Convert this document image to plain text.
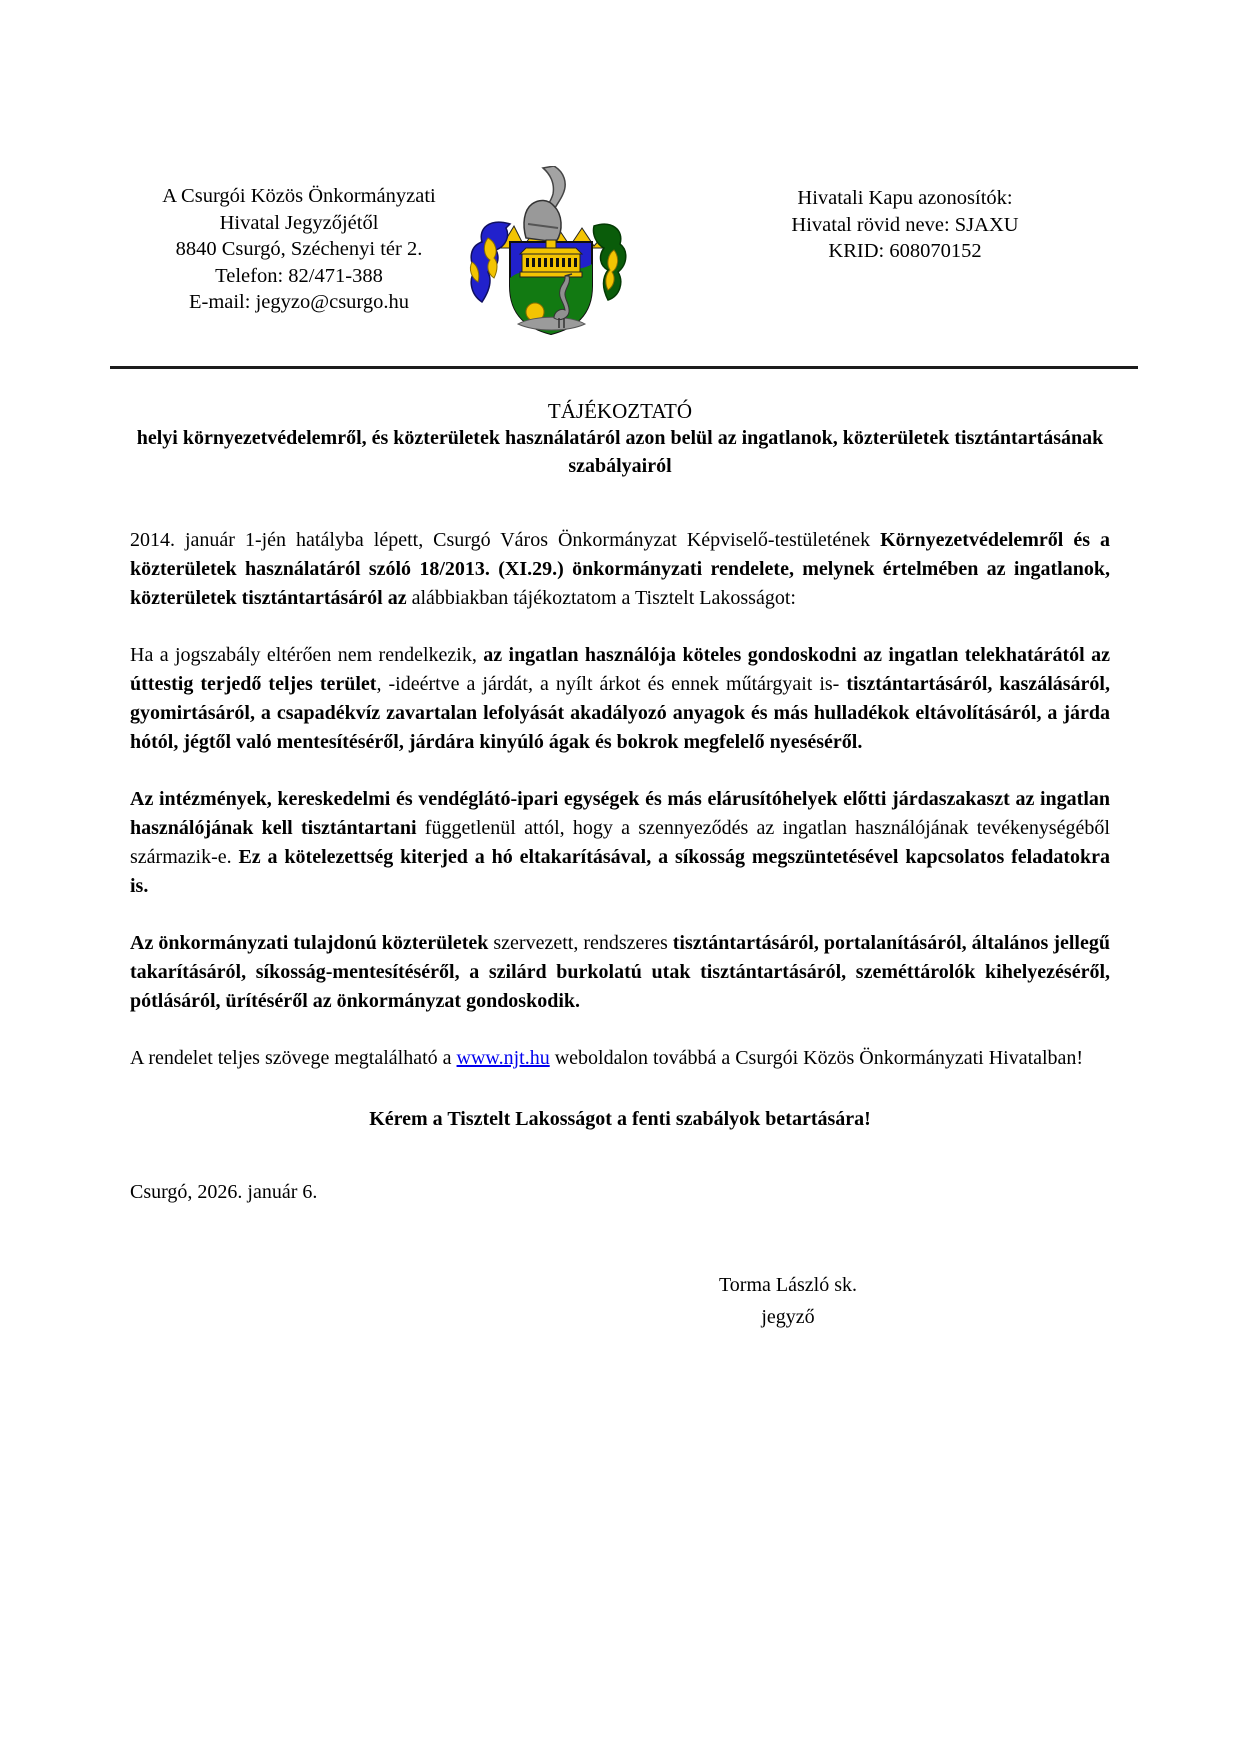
A Csurgói Közös Önkormányzati
Hivatal Jegyzőjétől
8840 Csurgó, Széchenyi tér 2.
Telefon: 82/471-388
E-mail: jegyzo@csurgo.hu
Hivatali Kapu azonosítók:
Hivatal rövid neve: SJAXU
KRID: 608070152
TÁJÉKOZTATÓ
helyi környezetvédelemről, és közterületek használatáról azon belül az ingatlanok, közterületek tisztántartásának szabályairól

2014. január 1-jén hatályba lépett, Csurgó Város Önkormányzat Képviselő-testületének Környezetvédelemről és a közterületek használatáról szóló 18/2013. (XI.29.) önkormányzati rendelete, melynek értelmében az ingatlanok, közterületek tisztántartásáról az alábbiakban tájékoztatom a Tisztelt Lakosságot:

Ha a jogszabály eltérően nem rendelkezik, az ingatlan használója köteles gondoskodni az ingatlan telekhatárától az úttestig terjedő teljes terület, -ideértve a járdát, a nyílt árkot és ennek műtárgyait is- tisztántartásáról, kaszálásáról, gyomirtásáról, a csapadékvíz zavartalan lefolyását akadályozó anyagok és más hulladékok eltávolításáról, a járda hótól, jégtől való mentesítéséről, járdára kinyúló ágak és bokrok megfelelő nyeséséről.

Az intézmények, kereskedelmi és vendéglátó-ipari egységek és más elárusítóhelyek előtti járdaszakaszt az ingatlan használójának kell tisztántartani függetlenül attól, hogy a szennyeződés az ingatlan használójának tevékenységéből származik-e. Ez a kötelezettség kiterjed a hó eltakarításával, a síkosság megszüntetésével kapcsolatos feladatokra is.

Az önkormányzati tulajdonú közterületek szervezett, rendszeres tisztántartásáról, portalanításáról, általános jellegű takarításáról, síkosság-mentesítéséről, a szilárd burkolatú utak tisztántartásáról, szeméttárolók kihelyezéséről, pótlásáról, ürítéséről az önkormányzat gondoskodik.

A rendelet teljes szövege megtalálható a www.njt.hu weboldalon továbbá a Csurgói Közös Önkormányzati Hivatalban!

Kérem a Tisztelt Lakosságot a fenti szabályok betartására!
Csurgó, 2026. január 6.
Torma László sk.
jegyző
